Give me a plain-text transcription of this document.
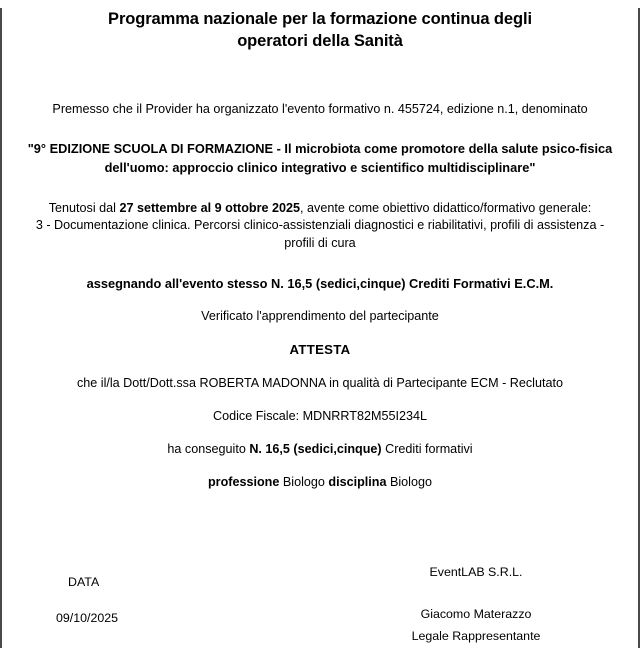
Programma nazionale per la formazione continua degli
operatori della Sanità

Premesso che il Provider ha organizzato l'evento formativo n. 455724, edizione n.1, denominato

"9° EDIZIONE SCUOLA DI FORMAZIONE - Il microbiota come promotore della salute psico-fisica dell'uomo: approccio clinico integrativo e scientifico multidisciplinare"

Tenutosi dal 27 settembre al 9 ottobre 2025, avente come obiettivo didattico/formativo generale:

3 - Documentazione clinica. Percorsi clinico-assistenziali diagnostici e riabilitativi, profili di assistenza - profili di cura

assegnando all'evento stesso N. 16,5 (sedici,cinque) Crediti Formativi E.C.M.

Verificato l'apprendimento del partecipante

ATTESTA

che il/la Dott/Dott.ssa ROBERTA MADONNA in qualità di Partecipante ECM - Reclutato

Codice Fiscale: MDNRRT82M55I234L

ha conseguito N. 16,5 (sedici,cinque) Crediti formativi

professione Biologo disciplina Biologo

DATA
09/10/2025
EventLAB S.R.L.
Giacomo Materazzo
Legale Rappresentante
